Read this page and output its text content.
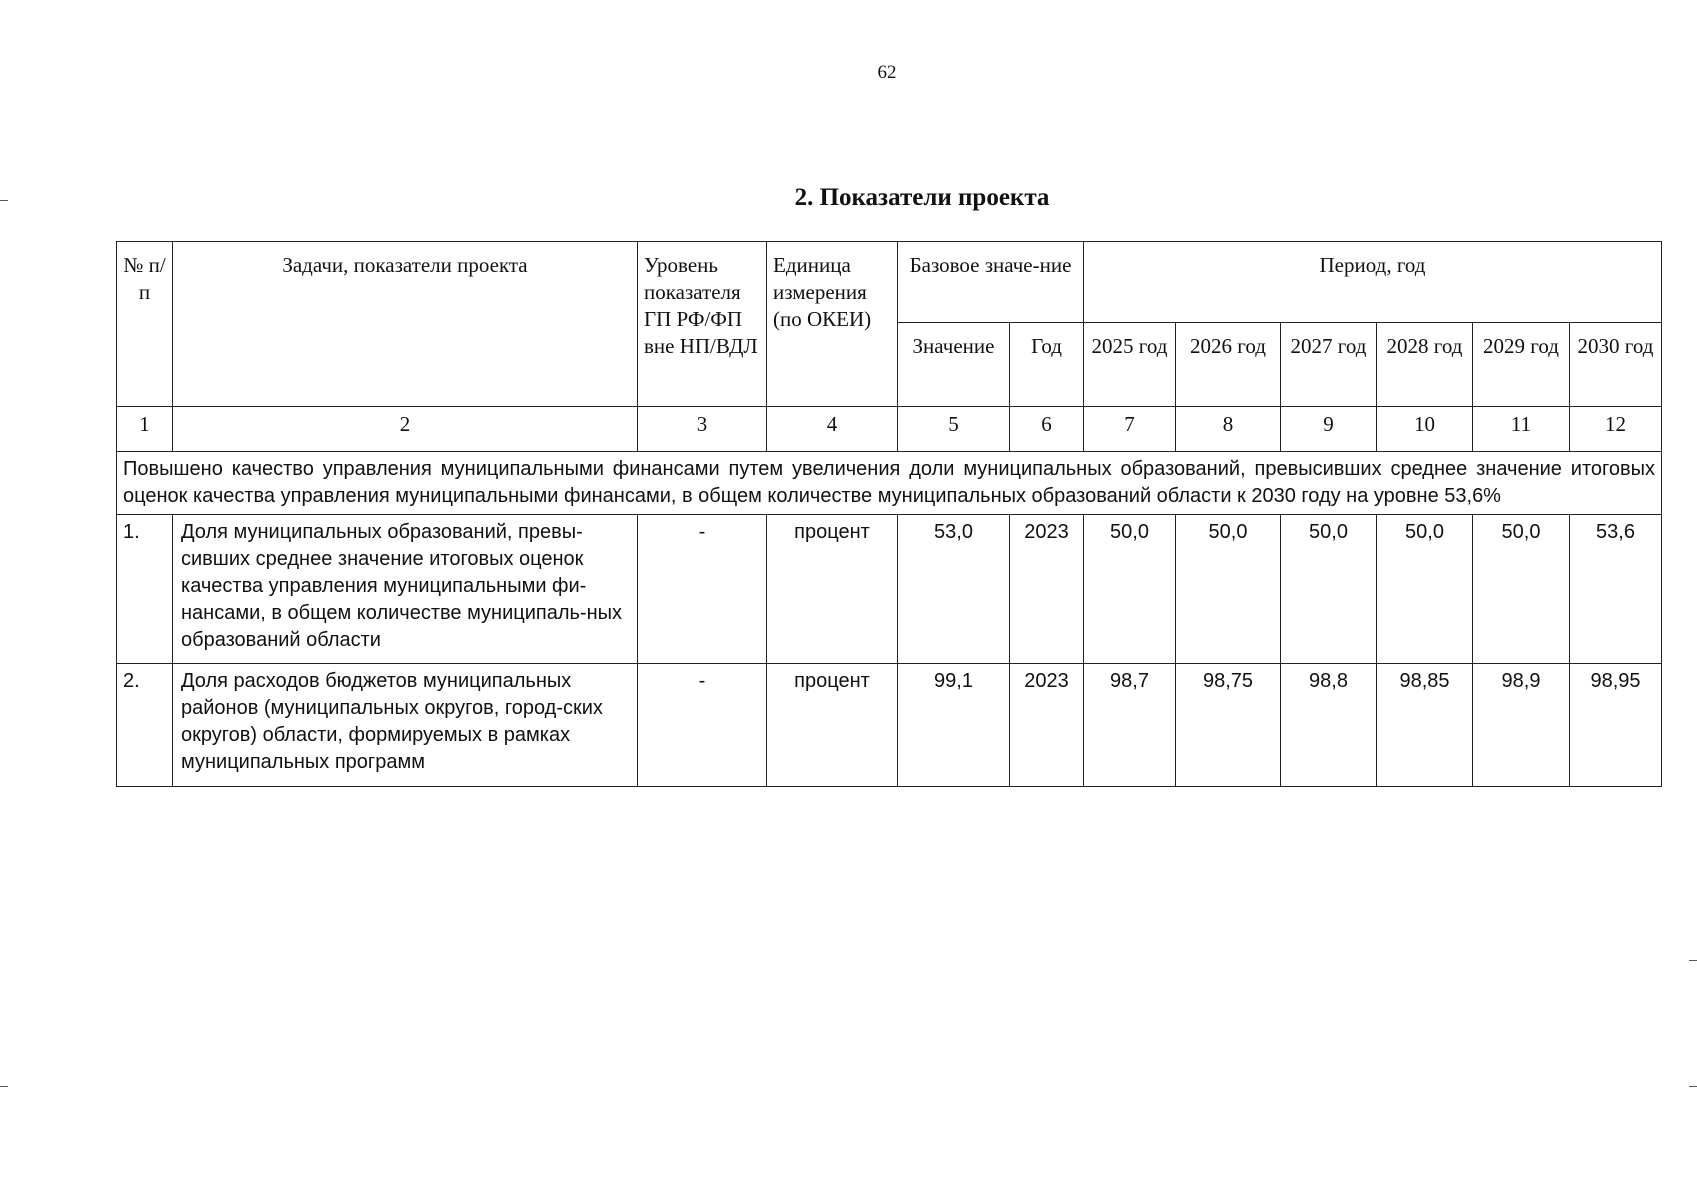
62
2. Показатели проекта
№ п/п	Задачи, показатели проекта	Уровень показателя ГП РФ/ФП вне НП/ВДЛ	Единица измерения (по ОКЕИ)	Базовое значе-ние		Период, год					
				Значение	Год	2025 год	2026 год	2027 год	2028 год	2029 год	2030 год
1	2	3	4	5	6	7	8	9	10	11	12
Повышено качество управления муниципальными финансами путем увеличения доли муниципальных образований, превысивших среднее значение итоговых оценок качества управления муниципальными финансами, в общем количестве муниципальных образований области к 2030 году на уровне 53,6%											
1.	Доля муниципальных образований, превы-сивших среднее значение итоговых оценок качества управления муниципальными фи-нансами, в общем количестве муниципаль-ных образований области	-	процент	53,0	2023	50,0	50,0	50,0	50,0	50,0	53,6
2.	Доля расходов бюджетов муниципальных районов (муниципальных округов, город-ских округов) области, формируемых в рамках муниципальных программ	-	процент	99,1	2023	98,7	98,75	98,8	98,85	98,9	98,95
